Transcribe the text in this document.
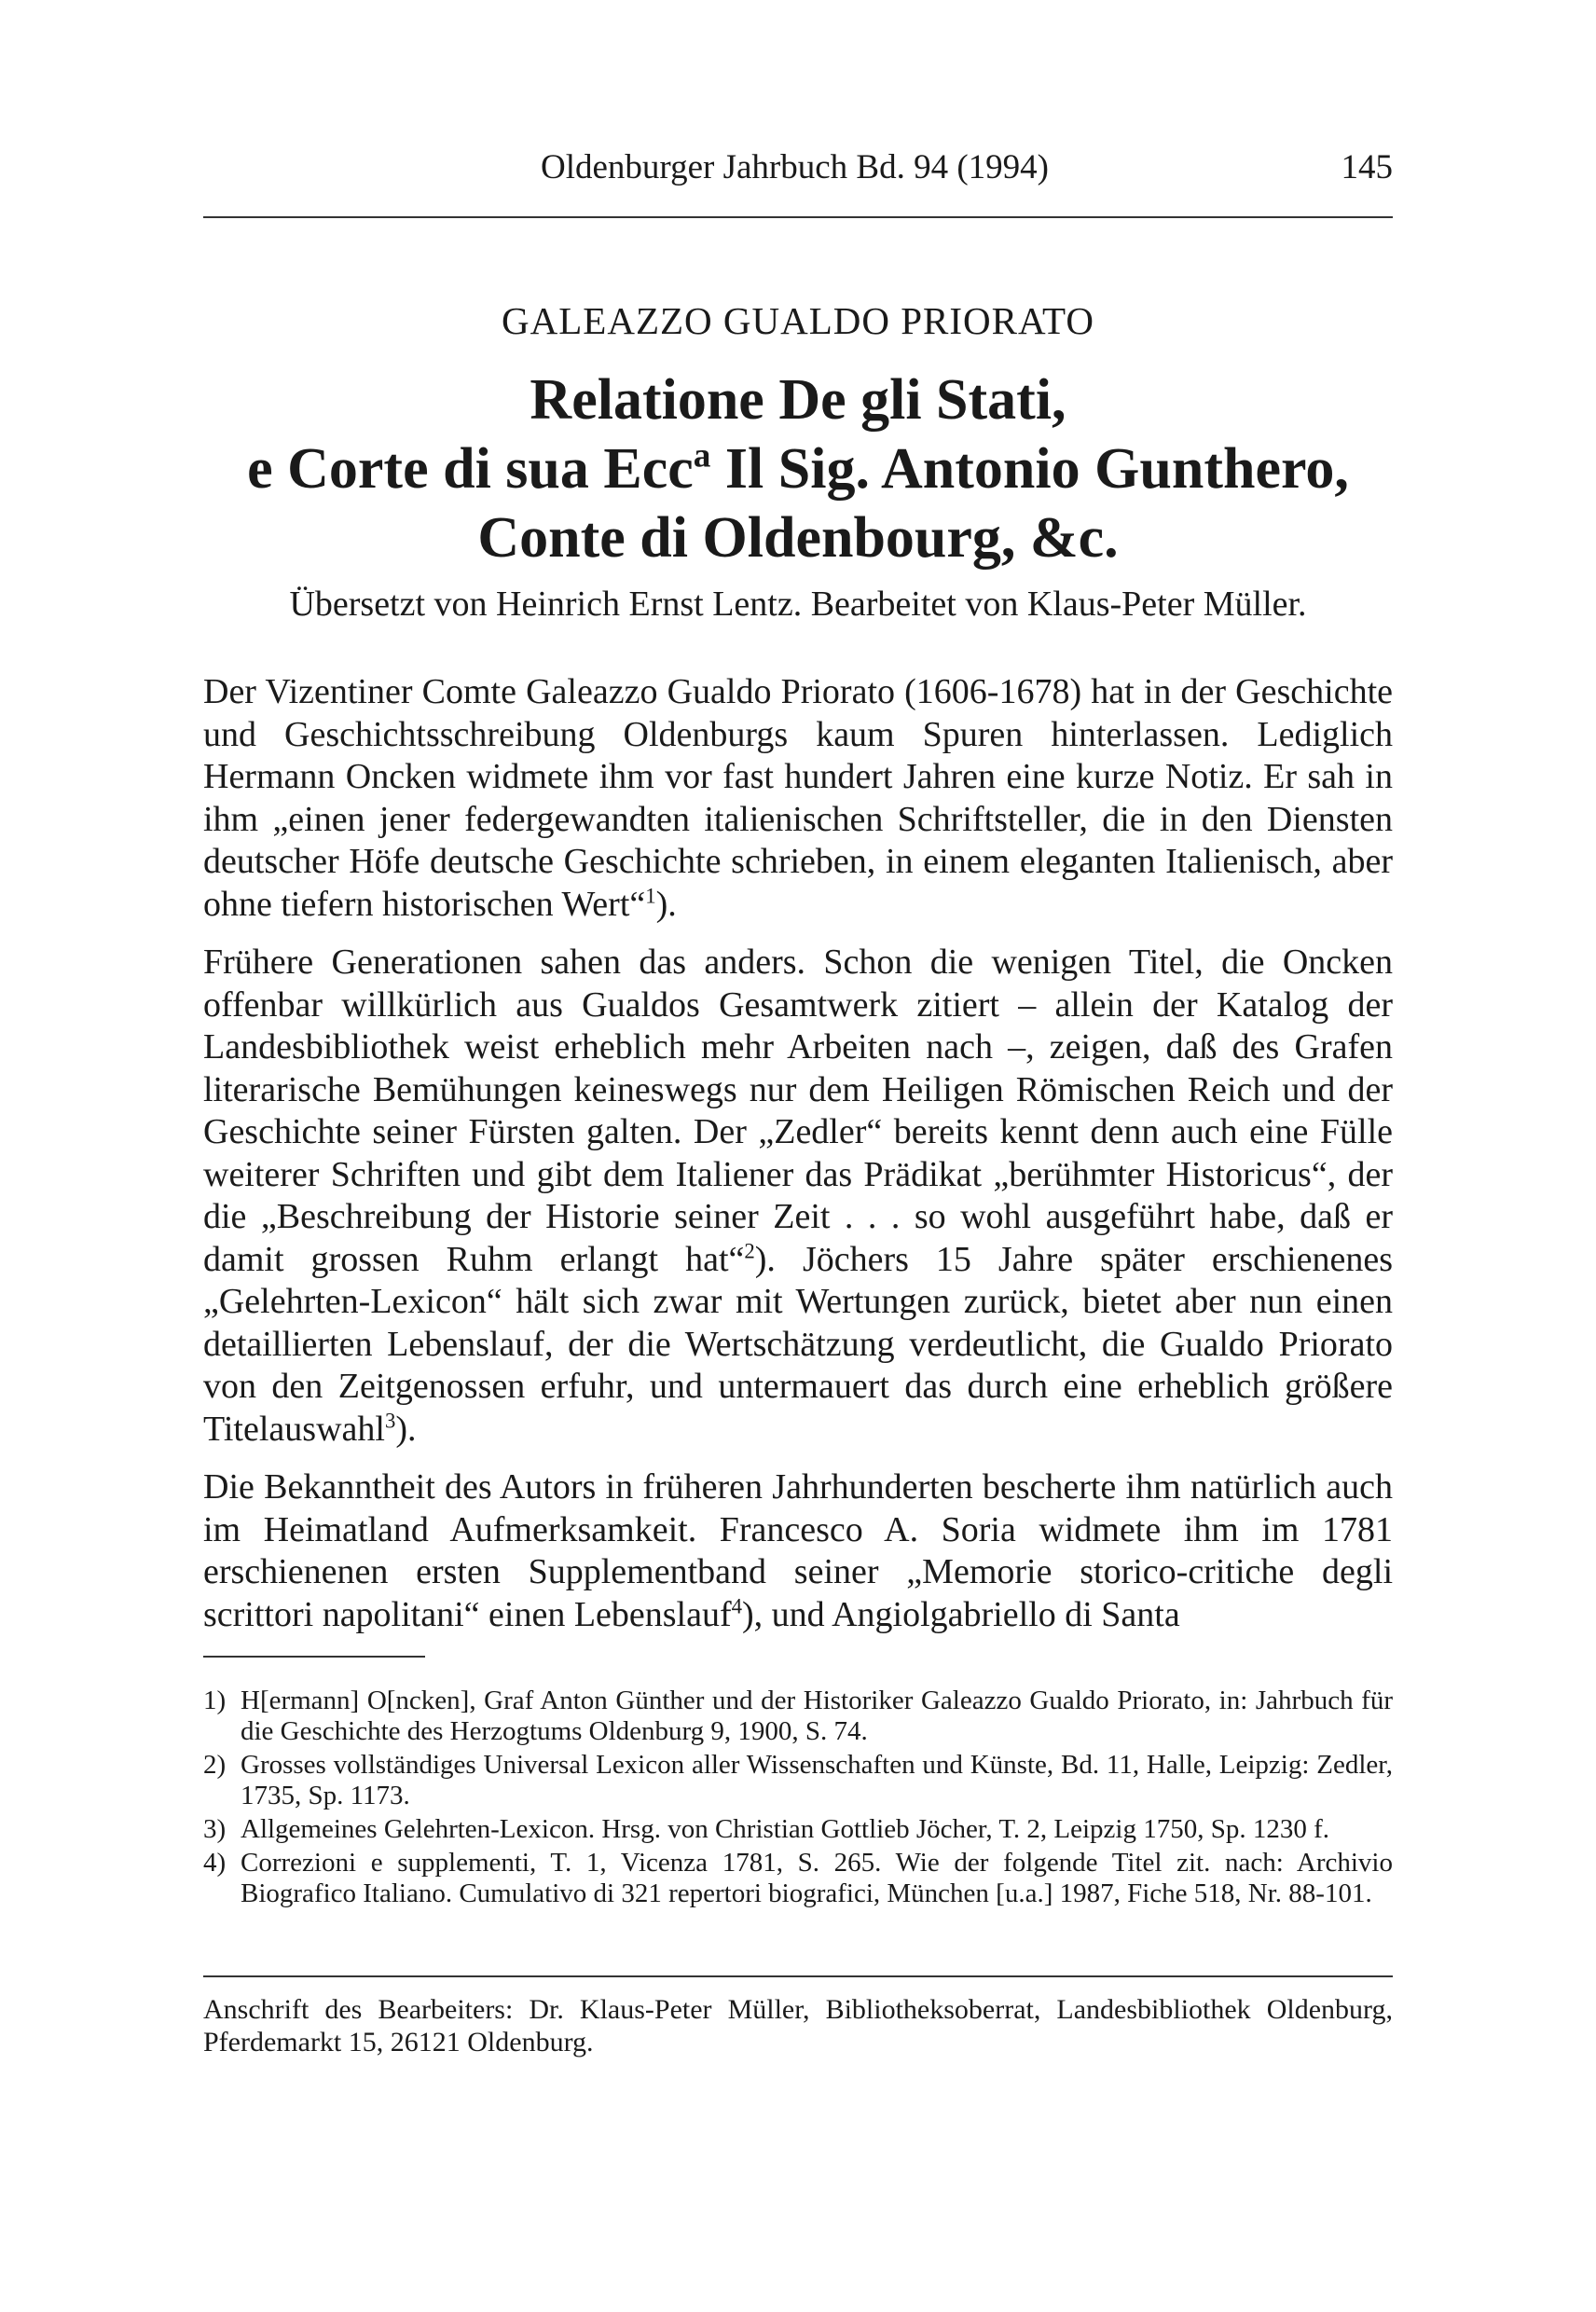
Oldenburger Jahrbuch Bd. 94 (1994)	145
GALEAZZO GUALDO PRIORATO
Relatione De gli Stati,
e Corte di sua Ecc$^a$ Il Sig. Antonio Gunthero,
Conte di Oldenbourg, &c.
Übersetzt von Heinrich Ernst Lentz. Bearbeitet von Klaus-Peter Müller.

Der Vizentiner Comte Galeazzo Gualdo Priorato (1606-1678) hat in der Geschichte und Geschichtsschreibung Oldenburgs kaum Spuren hinterlassen. Lediglich Hermann Oncken widmete ihm vor fast hundert Jahren eine kurze Notiz. Er sah in ihm „einen jener federgewandten italienischen Schriftsteller, die in den Diensten deutscher Höfe deutsche Geschichte schrieben, in einem eleganten Italienisch, aber ohne tiefern historischen Wert“$^1$).

Frühere Generationen sahen das anders. Schon die wenigen Titel, die Oncken offenbar willkürlich aus Gualdos Gesamtwerk zitiert – allein der Katalog der Landesbibliothek weist erheblich mehr Arbeiten nach –, zeigen, daß des Grafen literarische Bemühungen keineswegs nur dem Heiligen Römischen Reich und der Geschichte seiner Fürsten galten. Der „Zedler“ bereits kennt denn auch eine Fülle weiterer Schriften und gibt dem Italiener das Prädikat „berühmter Historicus“, der die „Beschreibung der Historie seiner Zeit . . . so wohl ausgeführt habe, daß er damit grossen Ruhm erlangt hat“$^2$). Jöchers 15 Jahre später erschienenes „Gelehrten-Lexicon“ hält sich zwar mit Wertungen zurück, bietet aber nun einen detaillierten Lebenslauf, der die Wertschätzung verdeutlicht, die Gualdo Priorato von den Zeitgenossen erfuhr, und untermauert das durch eine erheblich größere Titelauswahl$^3$).

Die Bekanntheit des Autors in früheren Jahrhunderten bescherte ihm natürlich auch im Heimatland Aufmerksamkeit. Francesco A. Soria widmete ihm im 1781 erschienenen ersten Supplementband seiner „Memorie storico-critiche degli scrittori napolitani“ einen Lebenslauf$^4$), und Angiolgabriello di Santa

1) H[ermann] O[ncken], Graf Anton Günther und der Historiker Galeazzo Gualdo Priorato, in: Jahrbuch für die Geschichte des Herzogtums Oldenburg 9, 1900, S. 74.
2) Grosses vollständiges Universal Lexicon aller Wissenschaften und Künste, Bd. 11, Halle, Leipzig: Zedler, 1735, Sp. 1173.
3) Allgemeines Gelehrten-Lexicon. Hrsg. von Christian Gottlieb Jöcher, T. 2, Leipzig 1750, Sp. 1230 f.
4) Correzioni e supplementi, T. 1, Vicenza 1781, S. 265. Wie der folgende Titel zit. nach: Archivio Biografico Italiano. Cumulativo di 321 repertori biografici, München [u.a.] 1987, Fiche 518, Nr. 88-101.
Anschrift des Bearbeiters: Dr. Klaus-Peter Müller, Bibliotheksoberrat, Landesbibliothek Oldenburg, Pferdemarkt 15, 26121 Oldenburg.
